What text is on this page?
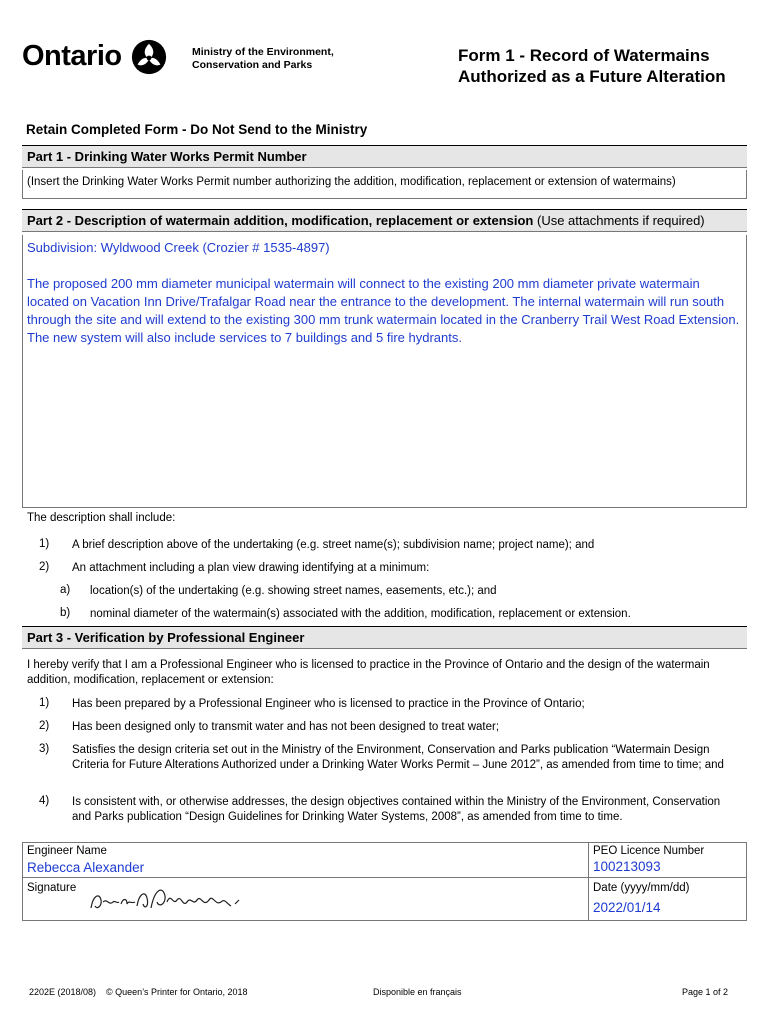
Ontario	Ministry of the Environment,
Conservation and Parks	Form 1 - Record of Watermains
Authorized as a Future Alteration
Retain Completed Form - Do Not Send to the Ministry
Part 1 - Drinking Water Works Permit Number
(Insert the Drinking Water Works Permit number authorizing the addition, modification, replacement or extension of watermains)
Part 2 - Description of watermain addition, modification, replacement or extension (Use attachments if required)
Subdivision: Wyldwood Creek (Crozier # 1535-4897)
The proposed 200 mm diameter municipal watermain will connect to the existing 200 mm diameter private watermain located on Vacation Inn Drive/Trafalgar Road near the entrance to the development. The internal watermain will run south through the site and will extend to the existing 300 mm trunk watermain located in the Cranberry Trail West Road Extension. The new system will also include services to 7 buildings and 5 fire hydrants.
The description shall include:
1) A brief description above of the undertaking (e.g. street name(s); subdivision name; project name); and
2) An attachment including a plan view drawing identifying at a minimum:
a) location(s) of the undertaking (e.g. showing street names, easements, etc.); and
b) nominal diameter of the watermain(s) associated with the addition, modification, replacement or extension.
Part 3 - Verification by Professional Engineer
I hereby verify that I am a Professional Engineer who is licensed to practice in the Province of Ontario and the design of the watermain addition, modification, replacement or extension:
1) Has been prepared by a Professional Engineer who is licensed to practice in the Province of Ontario;
2) Has been designed only to transmit water and has not been designed to treat water;
3) Satisfies the design criteria set out in the Ministry of the Environment, Conservation and Parks publication “Watermain Design Criteria for Future Alterations Authorized under a Drinking Water Works Permit – June 2012”, as amended from time to time; and
4) Is consistent with, or otherwise addresses, the design objectives contained within the Ministry of the Environment, Conservation and Parks publication “Design Guidelines for Drinking Water Systems, 2008”, as amended from time to time.
Engineer Name
Rebecca Alexander
PEO Licence Number
100213093
Signature	Date (yyyy/mm/dd)
2022/01/14
2202E (2018/08) © Queen’s Printer for Ontario, 2018	Disponible en français	Page 1 of 2
